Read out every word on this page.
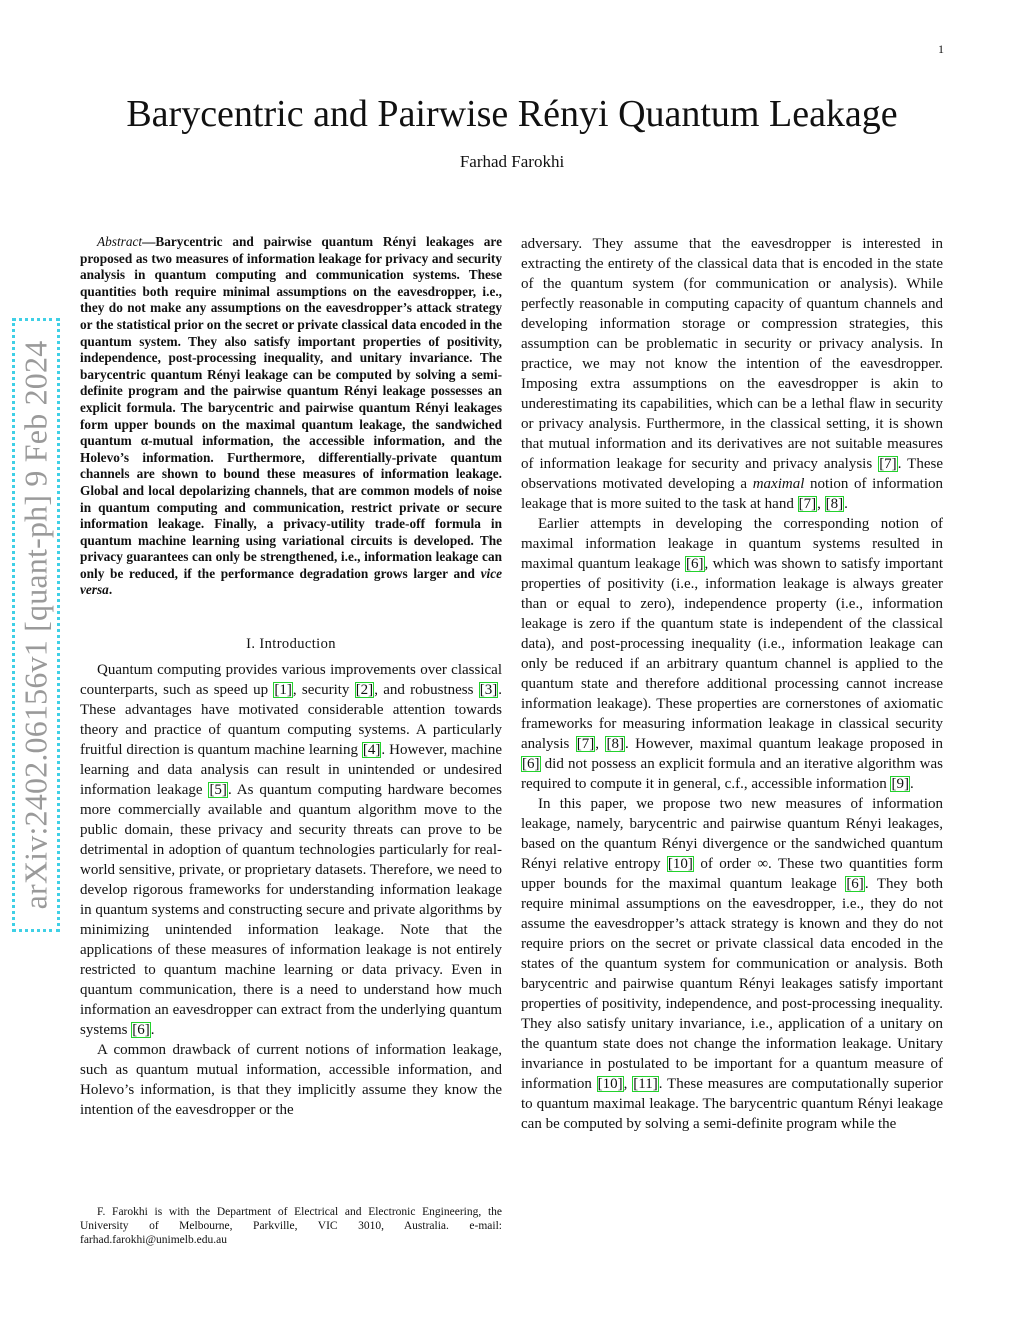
1
arXiv:2402.06156v1 [quant-ph] 9 Feb 2024
Barycentric and Pairwise Rényi Quantum Leakage
Farhad Farokhi

Abstract—Barycentric and pairwise quantum Rényi leakages are proposed as two measures of information leakage for privacy and security analysis in quantum computing and communication systems. These quantities both require minimal assumptions on the eavesdropper, i.e., they do not make any assumptions on the eavesdropper’s attack strategy or the statistical prior on the secret or private classical data encoded in the quantum system. They also satisfy important properties of positivity, independence, post-processing inequality, and unitary invariance. The barycentric quantum Rényi leakage can be computed by solving a semi-definite program and the pairwise quantum Rényi leakage possesses an explicit formula. The barycentric and pairwise quantum Rényi leakages form upper bounds on the maximal quantum leakage, the sandwiched quantum α-mutual information, the accessible information, and the Holevo’s information. Furthermore, differentially-private quantum channels are shown to bound these measures of information leakage. Global and local depolarizing channels, that are common models of noise in quantum computing and communication, restrict private or secure information leakage. Finally, a privacy-utility trade-off formula in quantum machine learning using variational circuits is developed. The privacy guarantees can only be strengthened, i.e., information leakage can only be reduced, if the performance degradation grows larger and vice versa.

I. Introduction

Quantum computing provides various improvements over classical counterparts, such as speed up [1], security [2], and robustness [3]. These advantages have motivated considerable attention towards theory and practice of quantum computing systems. A particularly fruitful direction is quantum machine learning [4]. However, machine learning and data analysis can result in unintended or undesired information leakage [5]. As quantum computing hardware becomes more commercially available and quantum algorithm move to the public domain, these privacy and security threats can prove to be detrimental in adoption of quantum technologies particularly for real-world sensitive, private, or proprietary datasets. Therefore, we need to develop rigorous frameworks for understanding information leakage in quantum systems and constructing secure and private algorithms by minimizing unintended information leakage. Note that the applications of these measures of information leakage is not entirely restricted to quantum machine learning or data privacy. Even in quantum communication, there is a need to understand how much information an eavesdropper can extract from the underlying quantum systems [6].

A common drawback of current notions of information leakage, such as quantum mutual information, accessible information, and Holevo’s information, is that they implicitly assume they know the intention of the eavesdropper or the

F. Farokhi is with the Department of Electrical and Electronic Engineering, the University of Melbourne, Parkville, VIC 3010, Australia. e-mail: farhad.farokhi@unimelb.edu.au

adversary. They assume that the eavesdropper is interested in extracting the entirety of the classical data that is encoded in the state of the quantum system (for communication or analysis). While perfectly reasonable in computing capacity of quantum channels and developing information storage or compression strategies, this assumption can be problematic in security or privacy analysis. In practice, we may not know the intention of the eavesdropper. Imposing extra assumptions on the eavesdropper is akin to underestimating its capabilities, which can be a lethal flaw in security or privacy analysis. Furthermore, in the classical setting, it is shown that mutual information and its derivatives are not suitable measures of information leakage for security and privacy analysis [7]. These observations motivated developing a maximal notion of information leakage that is more suited to the task at hand [7], [8].

Earlier attempts in developing the corresponding notion of maximal information leakage in quantum systems resulted in maximal quantum leakage [6], which was shown to satisfy important properties of positivity (i.e., information leakage is always greater than or equal to zero), independence property (i.e., information leakage is zero if the quantum state is independent of the classical data), and post-processing inequality (i.e., information leakage can only be reduced if an arbitrary quantum channel is applied to the quantum state and therefore additional processing cannot increase information leakage). These properties are cornerstones of axiomatic frameworks for measuring information leakage in classical security analysis [7], [8]. However, maximal quantum leakage proposed in [6] did not possess an explicit formula and an iterative algorithm was required to compute it in general, c.f., accessible information [9].

In this paper, we propose two new measures of information leakage, namely, barycentric and pairwise quantum Rényi leakages, based on the quantum Rényi divergence or the sandwiched quantum Rényi relative entropy [10] of order ∞. These two quantities form upper bounds for the maximal quantum leakage [6]. They both require minimal assumptions on the eavesdropper, i.e., they do not assume the eavesdropper’s attack strategy is known and they do not require priors on the secret or private classical data encoded in the states of the quantum system for communication or analysis. Both barycentric and pairwise quantum Rényi leakages satisfy important properties of positivity, independence, and post-processing inequality. They also satisfy unitary invariance, i.e., application of a unitary on the quantum state does not change the information leakage. Unitary invariance in postulated to be important for a quantum measure of information [10], [11]. These measures are computationally superior to quantum maximal leakage. The barycentric quantum Rényi leakage can be computed by solving a semi-definite program while the
